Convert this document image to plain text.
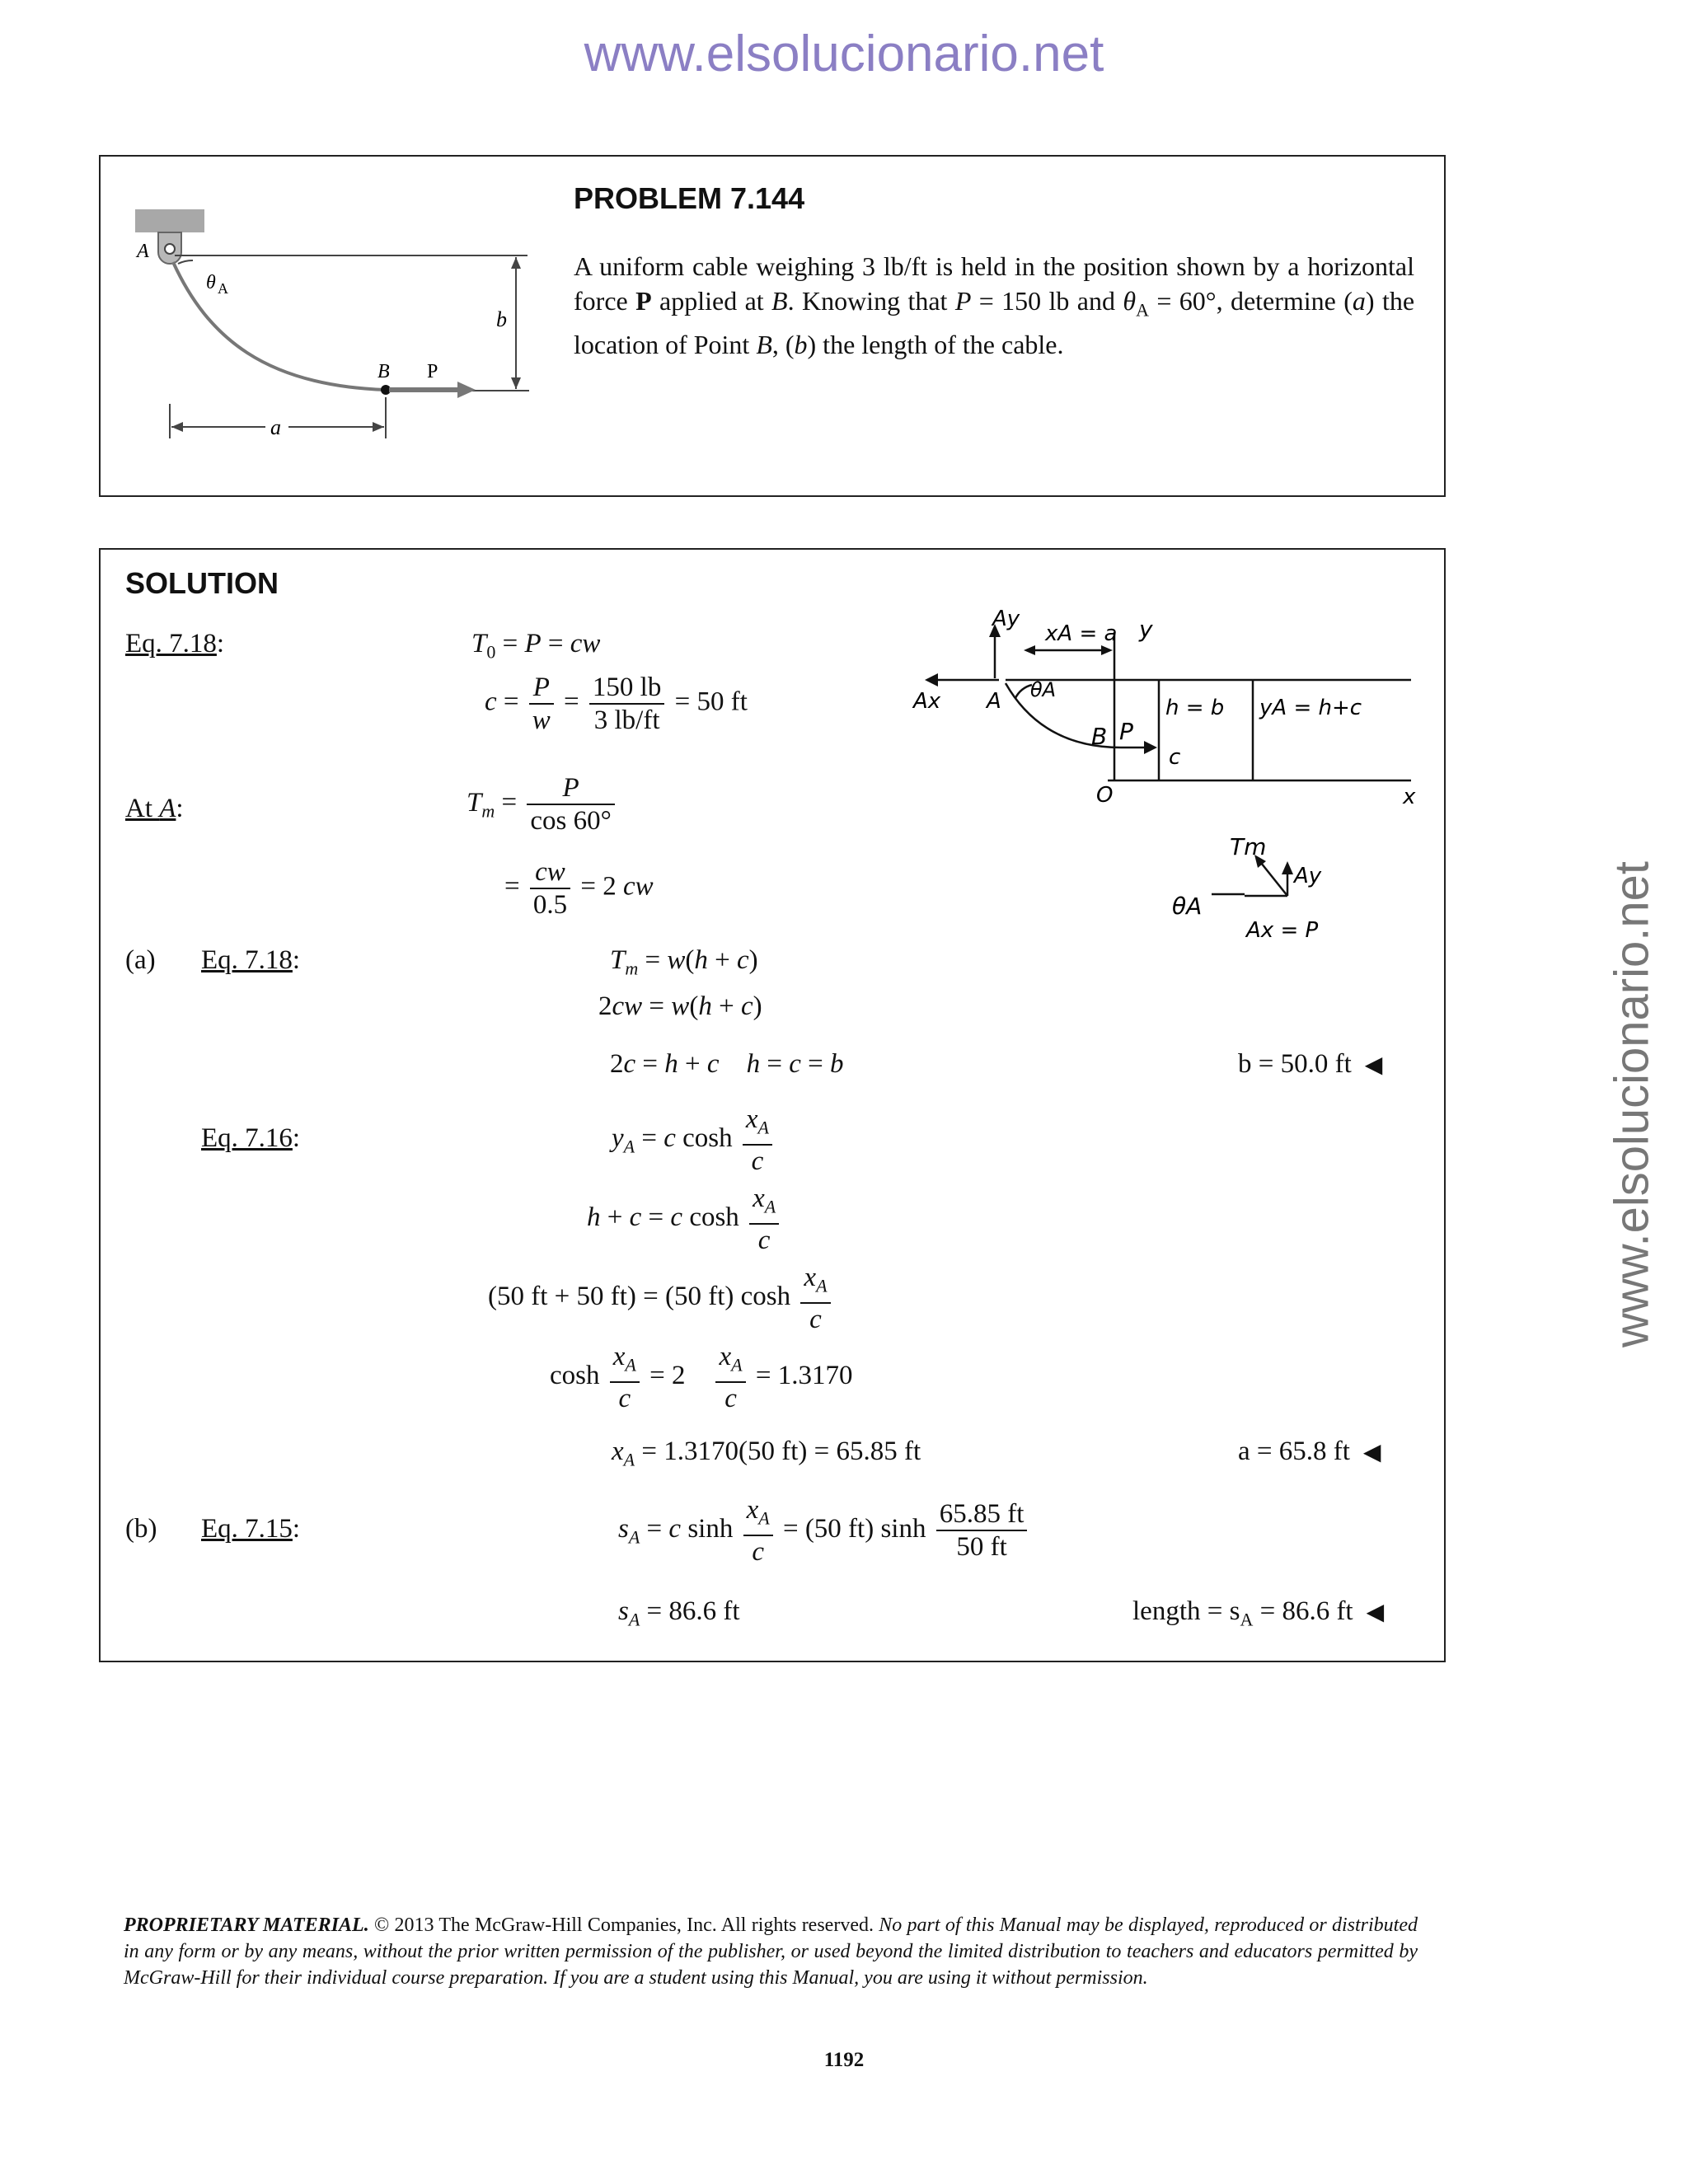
www.elsolucionario.net
www.elsolucionario.net
A
θ A
b
B P
a
PROBLEM 7.144
A uniform cable weighing 3 lb/ft is held in the position shown by a horizontal force P applied at B. Knowing that P = 150 lb and $\theta_A = 60^\circ$, determine (a) the location of Point B, (b) the length of the cable.
SOLUTION
Eq. 7.18:	$T_0 = P$ = cw
$c = \frac{P}{w} = \frac{150 lb}{3 lb/ft} = 50$ ft
At A:	$T_m = \frac{P}{\cos 60^\circ}$
= $\frac{cw}{0.5} = 2$ cw
(a) Eq. 7.18:	$T_m = w(h + c)$
2cw = w(h + c)
2c = h + c h = c = b	b = 50.0 ft ◀
Eq. 7.16:	$y_A = c$ $\cosh \frac{x_A}{c}$
h + c = c $\cosh \frac{x_A}{c}$
(50 ft + 50 ft) = (50 ft) $\cosh \frac{x_A}{c}$
$\cosh \frac{x_A}{c} = 2 \frac{x_A}{c} = 1.3170$
$x_A = 1.3170(50$ ft) = 65.85 ft	a = 65.8 ft ◀
(b) Eq. 7.15:	$s_A = c$ $\sinh \frac{x_A}{c} = (50$ ft) $\sinh \frac{65.85 ft}{50 ft}$
$s_A = 86.6$ ft	length = $s_A = 86.6$ ft ◀
Ay
xA = a y
Ax A θA
B P
h = b yA = h+c
c
O	x
Tm
Ay
θA
Ax = P
PROPRIETARY MATERIAL. © 2013 The McGraw-Hill Companies, Inc. All rights reserved. No part of this Manual may be displayed, reproduced or distributed in any form or by any means, without the prior written permission of the publisher, or used beyond the limited distribution to teachers and educators permitted by McGraw-Hill for their individual course preparation. If you are a student using this Manual, you are using it without permission.
1192
